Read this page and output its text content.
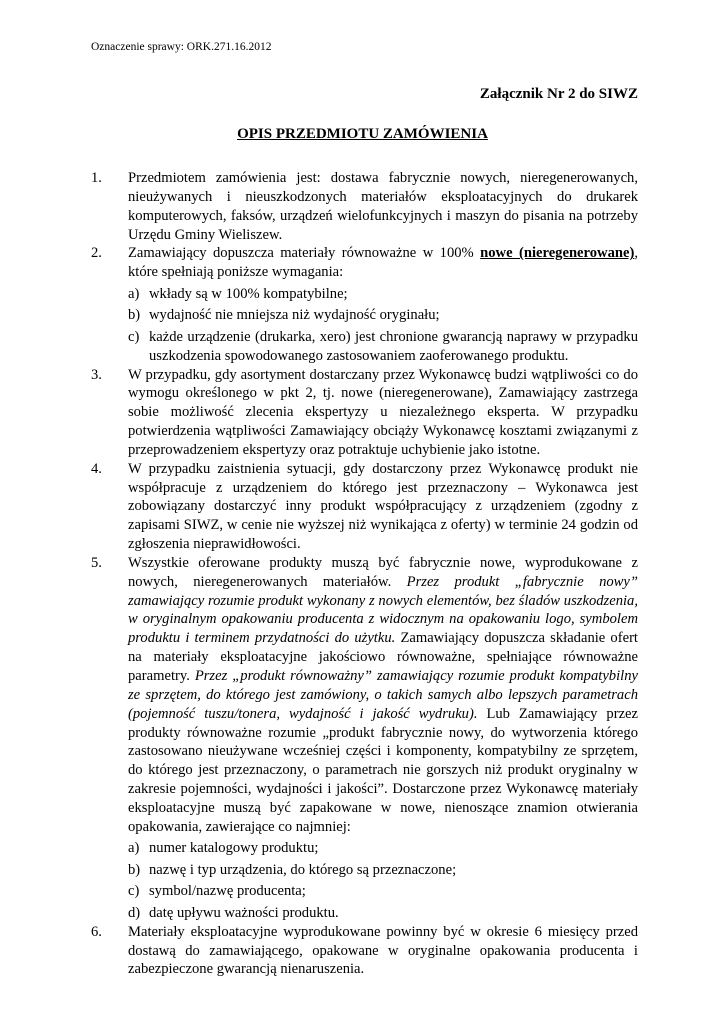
Oznaczenie sprawy: ORK.271.16.2012
Załącznik Nr 2 do SIWZ
OPIS PRZEDMIOTU ZAMÓWIENIA
1.	Przedmiotem zamówienia jest: dostawa fabrycznie nowych, nieregenerowanych, nieużywanych i nieuszkodzonych materiałów eksploatacyjnych do drukarek komputerowych, faksów, urządzeń wielofunkcyjnych i maszyn do pisania na potrzeby Urzędu Gminy Wieliszew.
2.	Zamawiający dopuszcza materiały równoważne w 100% nowe (nieregenerowane), które spełniają poniższe wymagania:

a) wkłady są w 100% kompatybilne;
b) wydajność nie mniejsza niż wydajność oryginału;
c) każde urządzenie (drukarka, xero) jest chronione gwarancją naprawy w przypadku uszkodzenia spowodowanego zastosowaniem zaoferowanego produktu.
3.	W przypadku, gdy asortyment dostarczany przez Wykonawcę budzi wątpliwości co do wymogu określonego w pkt 2, tj. nowe (nieregenerowane), Zamawiający zastrzega sobie możliwość zlecenia ekspertyzy u niezależnego eksperta. W przypadku potwierdzenia wątpliwości Zamawiający obciąży Wykonawcę kosztami związanymi z przeprowadzeniem ekspertyzy oraz potraktuje uchybienie jako istotne.
4.	W przypadku zaistnienia sytuacji, gdy dostarczony przez Wykonawcę produkt nie współpracuje z urządzeniem do którego jest przeznaczony – Wykonawca jest zobowiązany dostarczyć inny produkt współpracujący z urządzeniem (zgodny z zapisami SIWZ, w cenie nie wyższej niż wynikająca z oferty) w terminie 24 godzin od zgłoszenia nieprawidłowości.
5.	Wszystkie oferowane produkty muszą być fabrycznie nowe, wyprodukowane z nowych, nieregenerowanych materiałów. Przez produkt „fabrycznie nowy” zamawiający rozumie produkt wykonany z nowych elementów, bez śladów uszkodzenia, w oryginalnym opakowaniu producenta z widocznym na opakowaniu logo, symbolem produktu i terminem przydatności do użytku. Zamawiający dopuszcza składanie ofert na materiały eksploatacyjne jakościowo równoważne, spełniające równoważne parametry. Przez „produkt równoważny” zamawiający rozumie produkt kompatybilny ze sprzętem, do którego jest zamówiony, o takich samych albo lepszych parametrach (pojemność tuszu/tonera, wydajność i jakość wydruku). Lub Zamawiający przez produkty równoważne rozumie „produkt fabrycznie nowy, do wytworzenia którego zastosowano nieużywane wcześniej części i komponenty, kompatybilny ze sprzętem, do którego jest przeznaczony, o parametrach nie gorszych niż produkt oryginalny w zakresie pojemności, wydajności i jakości”. Dostarczone przez Wykonawcę materiały eksploatacyjne muszą być zapakowane w nowe, nienoszące znamion otwierania opakowania, zawierające co najmniej:

a) numer katalogowy produktu;
b) nazwę i typ urządzenia, do którego są przeznaczone;
c) symbol/nazwę producenta;
d) datę upływu ważności produktu.
6.	Materiały eksploatacyjne wyprodukowane powinny być w okresie 6 miesięcy przed dostawą do zamawiającego, opakowane w oryginalne opakowania producenta i zabezpieczone gwarancją nienaruszenia.
